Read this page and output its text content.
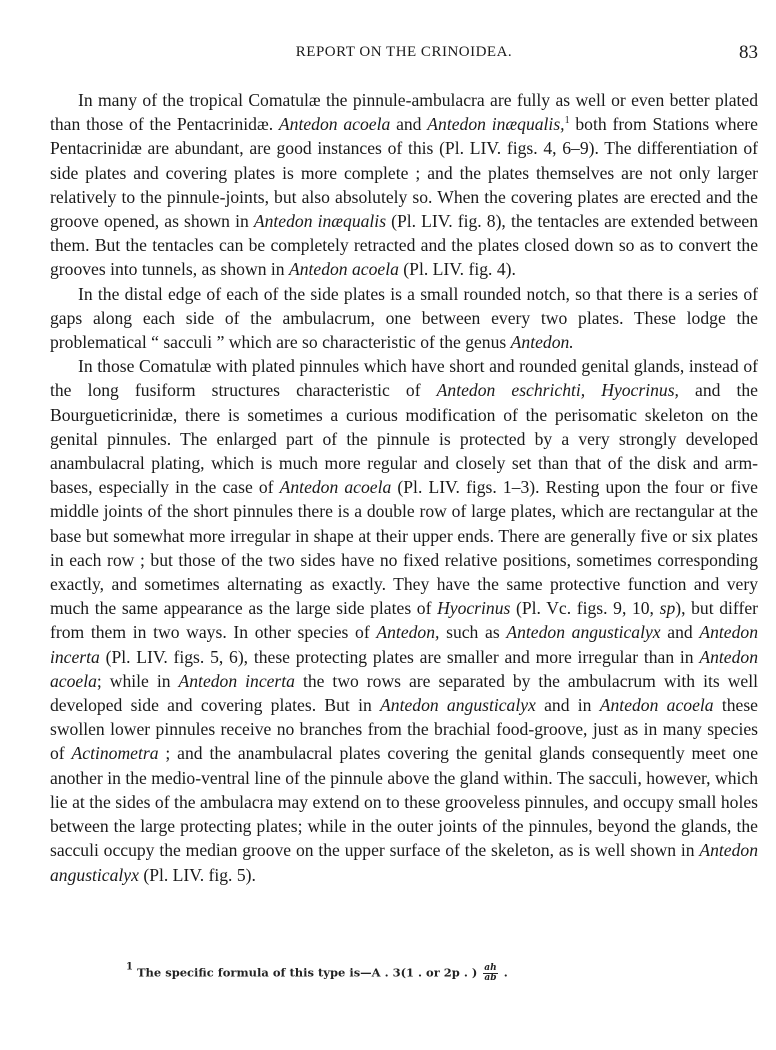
REPORT ON THE CRINOIDEA.	83

In many of the tropical Comatulæ the pinnule-ambulacra are fully as well or even better plated than those of the Pentacrinidæ. Antedon acoela and Antedon inæqualis,$^1$ both from Stations where Pentacrinidæ are abundant, are good instances of this (Pl. LIV. figs. 4, 6–9). The differentiation of side plates and covering plates is more complete ; and the plates themselves are not only larger relatively to the pinnule-joints, but also absolutely so. When the covering plates are erected and the groove opened, as shown in Antedon inæqualis (Pl. LIV. fig. 8), the tentacles are extended between them. But the tentacles can be completely retracted and the plates closed down so as to convert the grooves into tunnels, as shown in Antedon acoela (Pl. LIV. fig. 4).

In the distal edge of each of the side plates is a small rounded notch, so that there is a series of gaps along each side of the ambulacrum, one between every two plates. These lodge the problematical “ sacculi ” which are so characteristic of the genus Antedon.

In those Comatulæ with plated pinnules which have short and rounded genital glands, instead of the long fusiform structures characteristic of Antedon eschrichti, Hyocrinus, and the Bourgueticrinidæ, there is sometimes a curious modification of the perisomatic skeleton on the genital pinnules. The enlarged part of the pinnule is protected by a very strongly developed anambulacral plating, which is much more regular and closely set than that of the disk and arm-bases, especially in the case of Antedon acoela (Pl. LIV. figs. 1–3). Resting upon the four or five middle joints of the short pinnules there is a double row of large plates, which are rectangular at the base but somewhat more irregular in shape at their upper ends. There are generally five or six plates in each row ; but those of the two sides have no fixed relative positions, sometimes corresponding exactly, and sometimes alternating as exactly. They have the same protective function and very much the same appearance as the large side plates of Hyocrinus (Pl. Vc. figs. 9, 10, sp), but differ from them in two ways. In other species of Antedon, such as Antedon angusticalyx and Antedon incerta (Pl. LIV. figs. 5, 6), these protecting plates are smaller and more irregular than in Antedon acoela; while in Antedon incerta the two rows are separated by the ambulacrum with its well developed side and covering plates. But in Antedon angusticalyx and in Antedon acoela these swollen lower pinnules receive no branches from the brachial food-groove, just as in many species of Actinometra ; and the anambulacral plates covering the genital glands consequently meet one another in the medio-ventral line of the pinnule above the gland within. The sacculi, however, which lie at the sides of the ambulacra may extend on to these grooveless pinnules, and occupy small holes between the large protecting plates; while in the outer joints of the pinnules, beyond the glands, the sacculi occupy the median groove on the upper surface of the skeleton, as is well shown in Antedon angusticalyx (Pl. LIV. fig. 5).

$^1$ The specific formula of this type is—A . 3(1 . or 2p . ) $\frac{ah}{ab}$ .
